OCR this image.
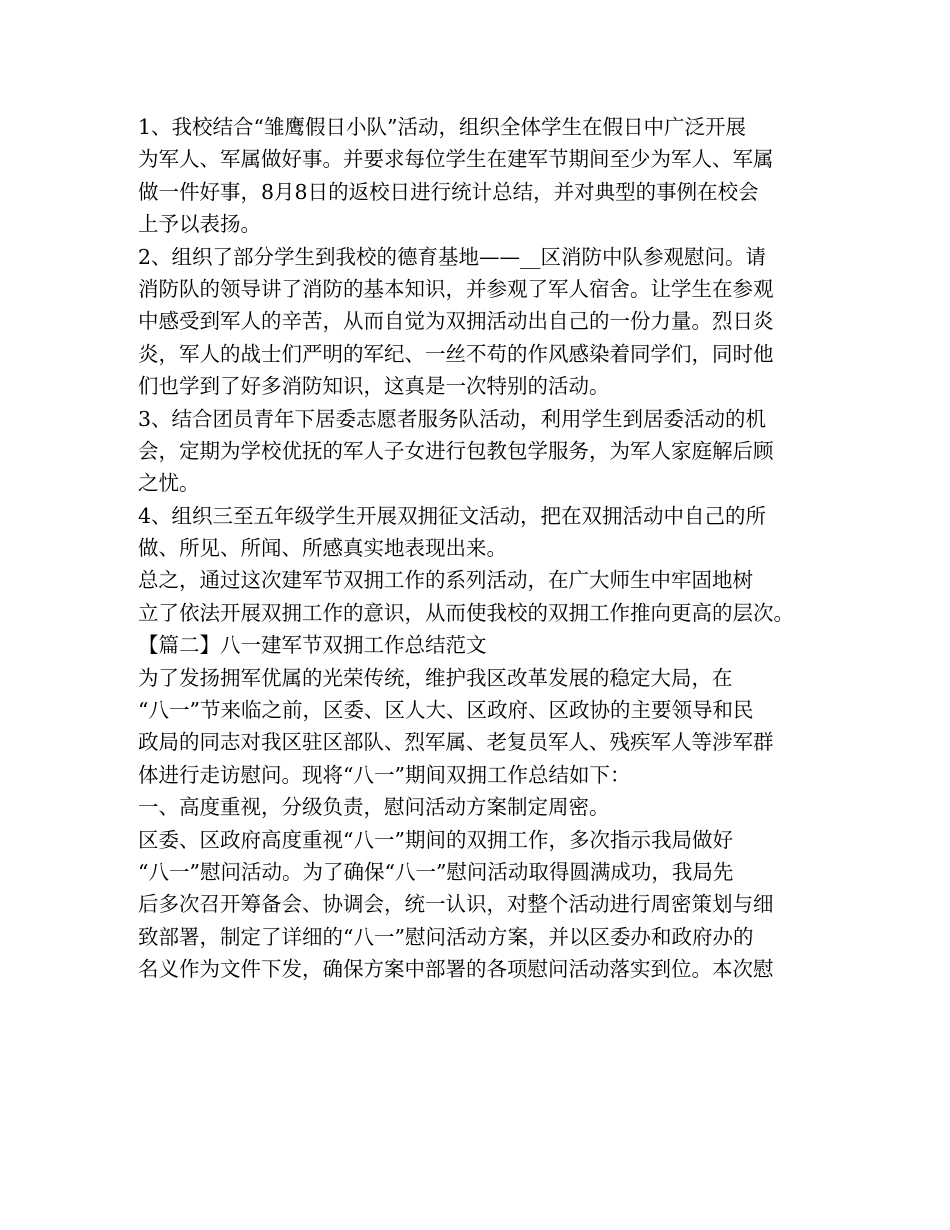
1、我校结合“雏鹰假日小队”活动，组织全体学生在假日中广泛开展
为军人、军属做好事。并要求每位学生在建军节期间至少为军人、军属
做一件好事，8月8日的返校日进行统计总结，并对典型的事例在校会
上予以表扬。
2、组织了部分学生到我校的德育基地——__区消防中队参观慰问。请
消防队的领导讲了消防的基本知识，并参观了军人宿舍。让学生在参观
中感受到军人的辛苦，从而自觉为双拥活动出自己的一份力量。烈日炎
炎，军人的战士们严明的军纪、一丝不苟的作风感染着同学们，同时他
们也学到了好多消防知识，这真是一次特别的活动。
3、结合团员青年下居委志愿者服务队活动，利用学生到居委活动的机
会，定期为学校优抚的军人子女进行包教包学服务，为军人家庭解后顾
之忧。
4、组织三至五年级学生开展双拥征文活动，把在双拥活动中自己的所
做、所见、所闻、所感真实地表现出来。
总之，通过这次建军节双拥工作的系列活动，在广大师生中牢固地树
立了依法开展双拥工作的意识，从而使我校的双拥工作推向更高的层次。
【篇二】八一建军节双拥工作总结范文
为了发扬拥军优属的光荣传统，维护我区改革发展的稳定大局，在
“八一”节来临之前，区委、区人大、区政府、区政协的主要领导和民
政局的同志对我区驻区部队、烈军属、老复员军人、残疾军人等涉军群
体进行走访慰问。现将“八一”期间双拥工作总结如下：
一、高度重视，分级负责，慰问活动方案制定周密。
区委、区政府高度重视“八一”期间的双拥工作，多次指示我局做好
“八一”慰问活动。为了确保“八一”慰问活动取得圆满成功，我局先
后多次召开筹备会、协调会，统一认识，对整个活动进行周密策划与细
致部署，制定了详细的“八一”慰问活动方案，并以区委办和政府办的
名义作为文件下发，确保方案中部署的各项慰问活动落实到位。本次慰
